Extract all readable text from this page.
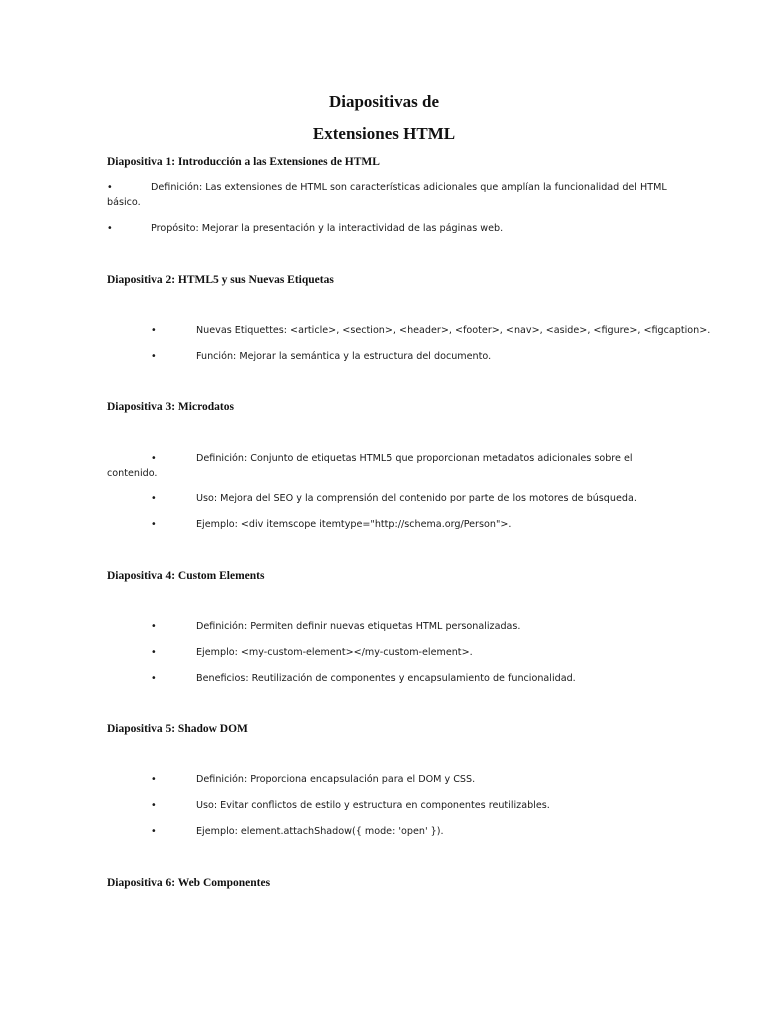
Diapositivas de
Extensiones HTML
Diapositiva 1: Introducción a las Extensiones de HTML
•	Definición: Las extensiones de HTML son características adicionales que amplían la funcionalidad del HTML
básico.
•	Propósito: Mejorar la presentación y la interactividad de las páginas web.
Diapositiva 2: HTML5 y sus Nuevas Etiquetas
•	Nuevas Etiquettes: <article>, <section>, <header>, <footer>, <nav>, <aside>, <figure>, <figcaption>.
•	Función: Mejorar la semántica y la estructura del documento.
Diapositiva 3: Microdatos
•	Definición: Conjunto de etiquetas HTML5 que proporcionan metadatos adicionales sobre el
contenido.
•	Uso: Mejora del SEO y la comprensión del contenido por parte de los motores de búsqueda.
•	Ejemplo: <div itemscope itemtype="http://schema.org/Person">.
Diapositiva 4: Custom Elements
•	Definición: Permiten definir nuevas etiquetas HTML personalizadas.
•	Ejemplo: <my-custom-element></my-custom-element>.
•	Beneficios: Reutilización de componentes y encapsulamiento de funcionalidad.
Diapositiva 5: Shadow DOM
•	Definición: Proporciona encapsulación para el DOM y CSS.
•	Uso: Evitar conflictos de estilo y estructura en componentes reutilizables.
•	Ejemplo: element.attachShadow({ mode: 'open' }).
Diapositiva 6: Web Componentes
